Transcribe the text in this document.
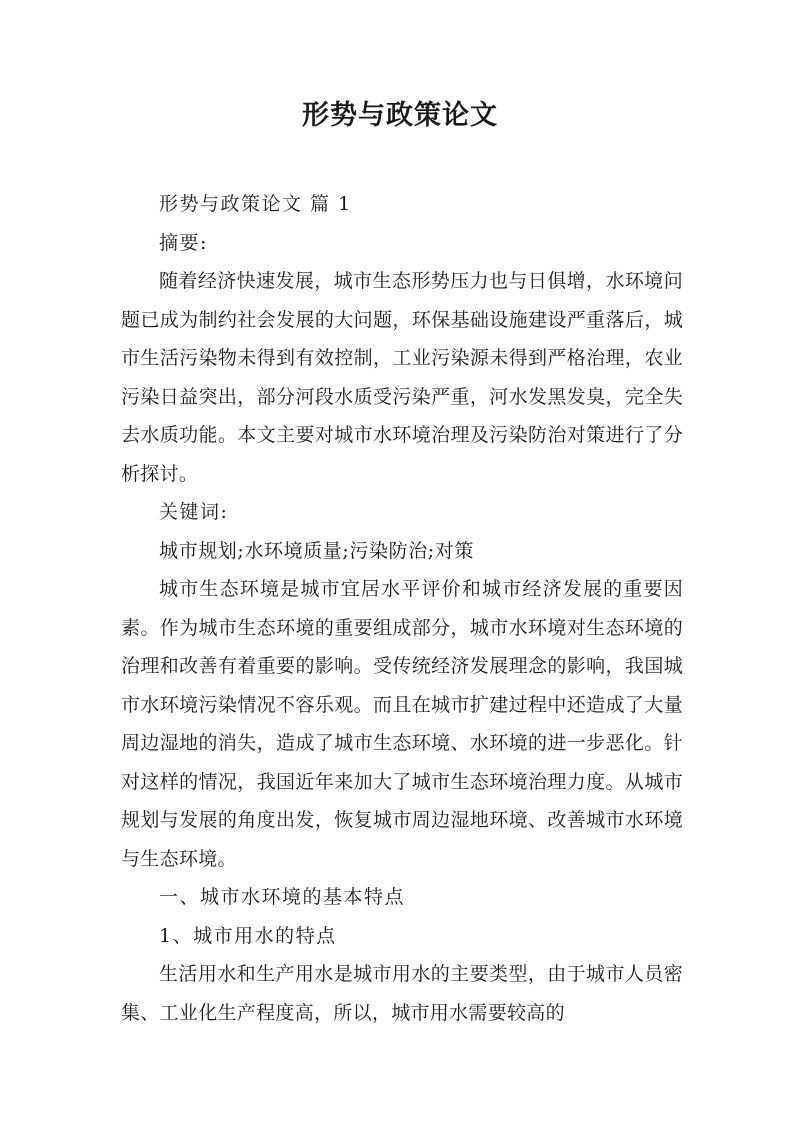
形势与政策论文

形势与政策论文 篇 1

摘要:

随着经济快速发展，城市生态形势压力也与日俱增，水环境问题已成为制约社会发展的大问题，环保基础设施建设严重落后，城市生活污染物未得到有效控制，工业污染源未得到严格治理，农业污染日益突出，部分河段水质受污染严重，河水发黑发臭，完全失去水质功能。本文主要对城市水环境治理及污染防治对策进行了分析探讨。

关键词:

城市规划;水环境质量;污染防治;对策

城市生态环境是城市宜居水平评价和城市经济发展的重要因素。作为城市生态环境的重要组成部分，城市水环境对生态环境的治理和改善有着重要的影响。受传统经济发展理念的影响，我国城市水环境污染情况不容乐观。而且在城市扩建过程中还造成了大量周边湿地的消失，造成了城市生态环境、水环境的进一步恶化。针对这样的情况，我国近年来加大了城市生态环境治理力度。从城市规划与发展的角度出发，恢复城市周边湿地环境、改善城市水环境与生态环境。

一、城市水环境的基本特点

1、城市用水的特点

生活用水和生产用水是城市用水的主要类型，由于城市人员密集、工业化生产程度高，所以，城市用水需要较高的
